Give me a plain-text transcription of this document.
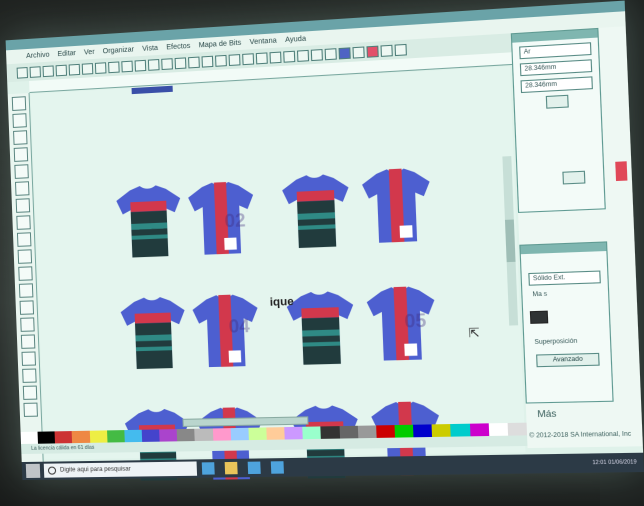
Archivo Editar Ver Organizar Vista Efectos Mapa de Bits Ventana Ayuda
ique
02
04	05
⇱
La licencia cálida en 61 días
Ar
28.346mm
28.346mm
Sólido Ext.
Ma s
Superposición
Avanzado
Más
© 2012-2018 SA International, Inc
Digite aqui para pesquisar
12:01 01/06/2019
